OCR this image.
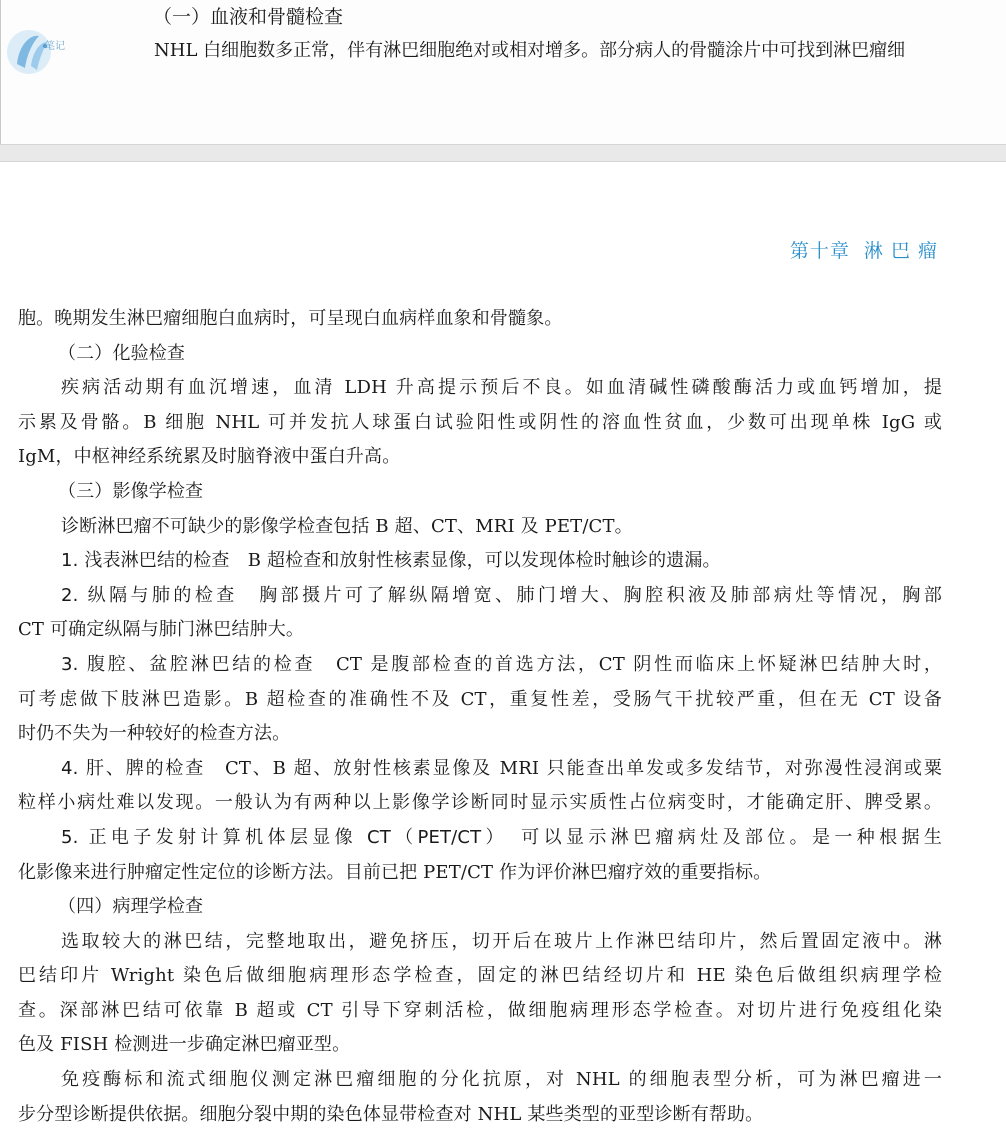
笔记
（一）血液和骨髓检查
NHL 白细胞数多正常，伴有淋巴细胞绝对或相对增多。部分病人的骨髓涂片中可找到淋巴瘤细
第十章 淋 巴 瘤
胞。晚期发生淋巴瘤细胞白血病时，可呈现白血病样血象和骨髓象。
（二）化验检查
疾病活动期有血沉增速，血清 LDH 升高提示预后不良。如血清碱性磷酸酶活力或血钙增加，提
示累及骨骼。B 细胞 NHL 可并发抗人球蛋白试验阳性或阴性的溶血性贫血，少数可出现单株 IgG 或
IgM，中枢神经系统累及时脑脊液中蛋白升高。
（三）影像学检查
诊断淋巴瘤不可缺少的影像学检查包括 B 超、CT、MRI 及 PET/CT。
1. 浅表淋巴结的检查　 B 超检查和放射性核素显像，可以发现体检时触诊的遗漏。
2. 纵隔与肺的检查　 胸部摄片可了解纵隔增宽、肺门增大、胸腔积液及肺部病灶等情况，胸部
CT 可确定纵隔与肺门淋巴结肿大。
3. 腹腔、盆腔淋巴结的检查　 CT 是腹部检查的首选方法，CT 阴性而临床上怀疑淋巴结肿大时，
可考虑做下肢淋巴造影。B 超检查的准确性不及 CT，重复性差，受肠气干扰较严重，但在无 CT 设备
时仍不失为一种较好的检查方法。
4. 肝、脾的检查　 CT、B 超、放射性核素显像及 MRI 只能查出单发或多发结节，对弥漫性浸润或粟
粒样小病灶难以发现。一般认为有两种以上影像学诊断同时显示实质性占位病变时，才能确定肝、脾受累。
5. 正电子发射计算机体层显像 CT（PET/CT）　 可以显示淋巴瘤病灶及部位。是一种根据生
化影像来进行肿瘤定性定位的诊断方法。目前已把 PET/CT 作为评价淋巴瘤疗效的重要指标。
（四）病理学检查
选取较大的淋巴结，完整地取出，避免挤压，切开后在玻片上作淋巴结印片，然后置固定液中。淋
巴结印片 Wright 染色后做细胞病理形态学检查，固定的淋巴结经切片和 HE 染色后做组织病理学检
查。深部淋巴结可依靠 B 超或 CT 引导下穿刺活检，做细胞病理形态学检查。对切片进行免疫组化染
色及 FISH 检测进一步确定淋巴瘤亚型。
免疫酶标和流式细胞仪测定淋巴瘤细胞的分化抗原，对 NHL 的细胞表型分析，可为淋巴瘤进一
步分型诊断提供依据。细胞分裂中期的染色体显带检查对 NHL 某些类型的亚型诊断有帮助。
